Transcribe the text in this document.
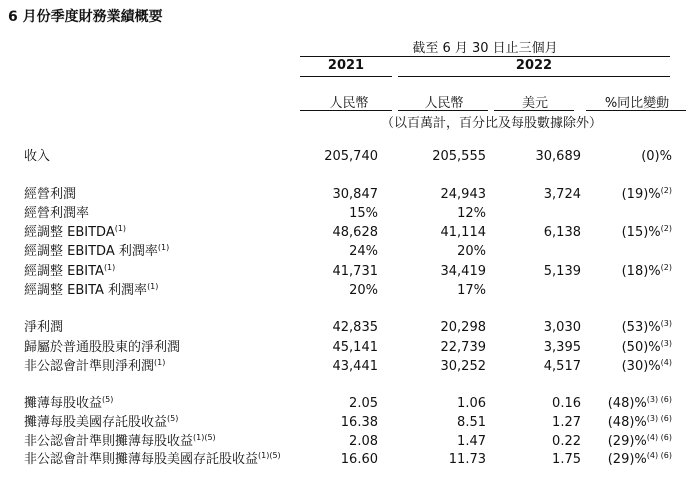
6 月份季度財務業績概要
截至 6 月 30 日止三個月
2021	2022
人民幣	人民幣	美元	%同比變動
（以百萬計，百分比及每股數據除外）
收入	205,740	205,555	30,689	(0)%
經營利潤	30,847	24,943	3,724	(19)%$^{(2)}$
經營利潤率	15%	12%
經調整 EBITDA$^{(1)}$	48,628	41,114	6,138	(15)%$^{(2)}$
經調整 EBITDA 利潤率$^{(1)}$	24%	20%
經調整 EBITA$^{(1)}$	41,731	34,419	5,139	(18)%$^{(2)}$
經調整 EBITA 利潤率$^{(1)}$	20%	17%
淨利潤	42,835	20,298	3,030	(53)%$^{(3)}$
歸屬於普通股股東的淨利潤	45,141	22,739	3,395	(50)%$^{(3)}$
非公認會計準則淨利潤$^{(1)}$	43,441	30,252	4,517	(30)%$^{(4)}$
攤薄每股收益$^{(5)}$	2.05	1.06	0.16 (48)%$^{(3) (6)}$
攤薄每股美國存託股收益$^{(5)}$	16.38	8.51	1.27 (48)%$^{(3) (6)}$
非公認會計準則攤薄每股收益$^{(1)(5)}$	2.08	1.47	0.22 (29)%$^{(4) (6)}$
非公認會計準則攤薄每股美國存託股收益$^{(1)(5)}$	16.60	11.73	1.75 (29)%$^{(4) (6)}$
